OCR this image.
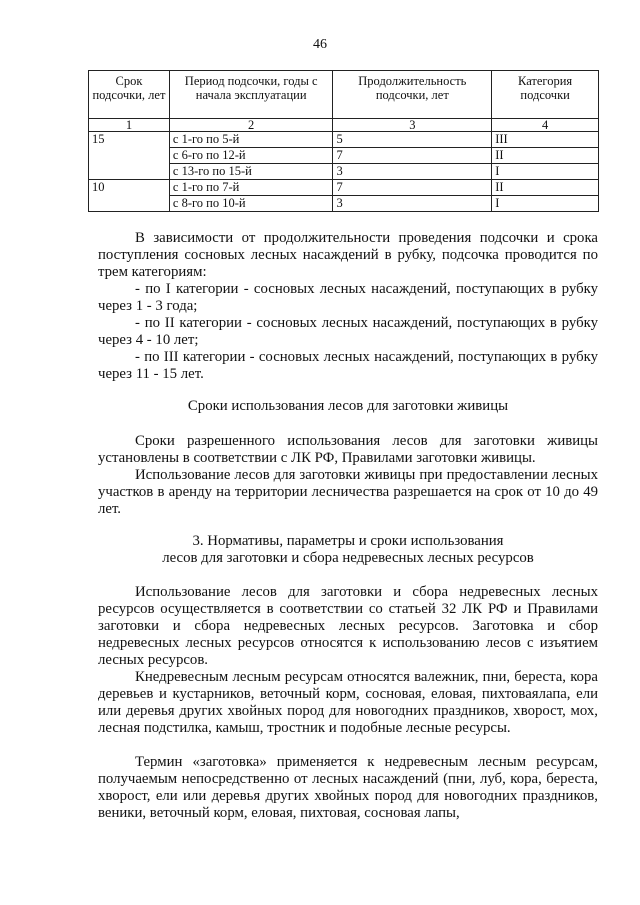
46
Срок подсочки, лет	Период подсочки, годы с начала эксплуатации	Продолжительность подсочки, лет	Категория подсочки
1	2	3	4
15	с 1-го по 5-й	5	III
	с 6-го по 12-й	7	II
	с 13-го по 15-й	3	I
10	с 1-го по 7-й	7	II
	с 8-го по 10-й	3	I

В зависимости от продолжительности проведения подсочки и срока поступления сосновых лесных насаждений в рубку, подсочка проводится по трем категориям:

- по I категории - сосновых лесных насаждений, поступающих в рубку через 1 - 3 года;

- по II категории - сосновых лесных насаждений, поступающих в рубку через 4 - 10 лет;

- по III категории - сосновых лесных насаждений, поступающих в рубку через 11 - 15 лет.

Сроки использования лесов для заготовки живицы

Сроки разрешенного использования лесов для заготовки живицы установлены в соответствии с ЛК РФ, Правилами заготовки живицы.

Использование лесов для заготовки живицы при предоставлении лесных участков в аренду на территории лесничества разрешается на срок от 10 до 49 лет.

3. Нормативы, параметры и сроки использования

лесов для заготовки и сбора недревесных лесных ресурсов

Использование лесов для заготовки и сбора недревесных лесных ресурсов осуществляется в соответствии со статьей 32 ЛК РФ и Правилами заготовки и сбора недревесных лесных ресурсов. Заготовка и сбор недревесных лесных ресурсов относятся к использованию лесов с изъятием лесных ресурсов.

Кнедревесным лесным ресурсам относятся валежник, пни, береста, кора деревьев и кустарников, веточный корм, сосновая, еловая, пихтоваялапа, ели или деревья других хвойных пород для новогодних праздников, хворост, мох, лесная подстилка, камыш, тростник и подобные лесные ресурсы.

Термин «заготовка» применяется к недревесным лесным ресурсам, получаемым непосредственно от лесных насаждений (пни, луб, кора, береста, хворост, ели или деревья других хвойных пород для новогодних праздников, веники, веточный корм, еловая, пихтовая, сосновая лапы,
